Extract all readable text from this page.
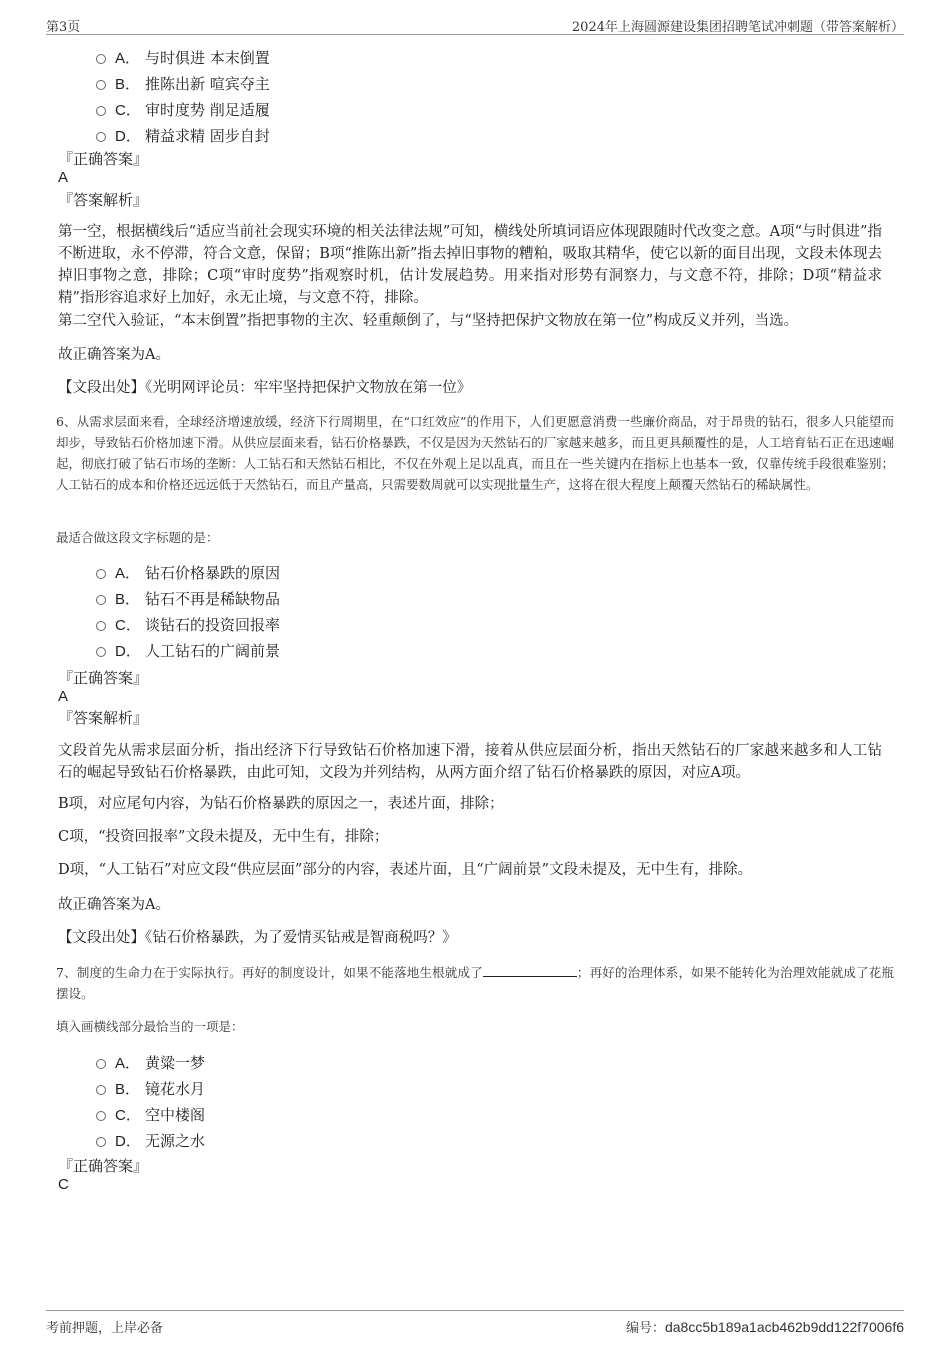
第3页	2024年上海圆源建设集团招聘笔试冲刺题（带答案解析）
A． 与时俱进 本末倒置
B． 推陈出新 喧宾夺主
C． 审时度势 削足适履
D． 精益求精 固步自封
『正确答案』
A
『答案解析』
第一空，根据横线后“适应当前社会现实环境的相关法律法规”可知，横线处所填词语应体现跟随时代改变之意。A项“与时俱进”指不断进取，永不停滞，符合文意，保留；B项“推陈出新”指去掉旧事物的糟粕，吸取其精华，使它以新的面目出现，文段未体现去掉旧事物之意，排除；C项“审时度势”指观察时机，估计发展趋势。用来指对形势有洞察力，与文意不符，排除；D项“精益求精”指形容追求好上加好，永无止境，与文意不符，排除。
第二空代入验证，“本末倒置”指把事物的主次、轻重颠倒了，与“坚持把保护文物放在第一位”构成反义并列，当选。
故正确答案为A。
【文段出处】《光明网评论员：牢牢坚持把保护文物放在第一位》
6、从需求层面来看，全球经济增速放缓，经济下行周期里，在“口红效应”的作用下，人们更愿意消费一些廉价商品，对于昂贵的钻石，很多人只能望而却步，导致钻石价格加速下滑。从供应层面来看，钻石价格暴跌，不仅是因为天然钻石的厂家越来越多，而且更具颠覆性的是，人工培育钻石正在迅速崛起，彻底打破了钻石市场的垄断：人工钻石和天然钻石相比，不仅在外观上足以乱真，而且在一些关键内在指标上也基本一致，仅靠传统手段很难鉴别；人工钻石的成本和价格还远远低于天然钻石，而且产量高，只需要数周就可以实现批量生产，这将在很大程度上颠覆天然钻石的稀缺属性。
最适合做这段文字标题的是：
A． 钻石价格暴跌的原因
B． 钻石不再是稀缺物品
C． 谈钻石的投资回报率
D． 人工钻石的广阔前景
『正确答案』
A
『答案解析』
文段首先从需求层面分析，指出经济下行导致钻石价格加速下滑，接着从供应层面分析，指出天然钻石的厂家越来越多和人工钻石的崛起导致钻石价格暴跌，由此可知，文段为并列结构，从两方面介绍了钻石价格暴跌的原因，对应A项。
B项，对应尾句内容，为钻石价格暴跌的原因之一，表述片面，排除；
C项，“投资回报率”文段未提及，无中生有，排除；
D项，“人工钻石”对应文段“供应层面”部分的内容，表述片面，且“广阔前景”文段未提及，无中生有，排除。
故正确答案为A。
【文段出处】《钻石价格暴跌，为了爱情买钻戒是智商税吗？》
7、制度的生命力在于实际执行。再好的制度设计，如果不能落地生根就成了	；再好的治理体系，如果不能转化为治理效能就成了花瓶摆设。
填入画横线部分最恰当的一项是：
A． 黄粱一梦
B． 镜花水月
C． 空中楼阁
D． 无源之水
『正确答案』
C
考前押题，上岸必备	编号：da8cc5b189a1acb462b9dd122f7006f6
